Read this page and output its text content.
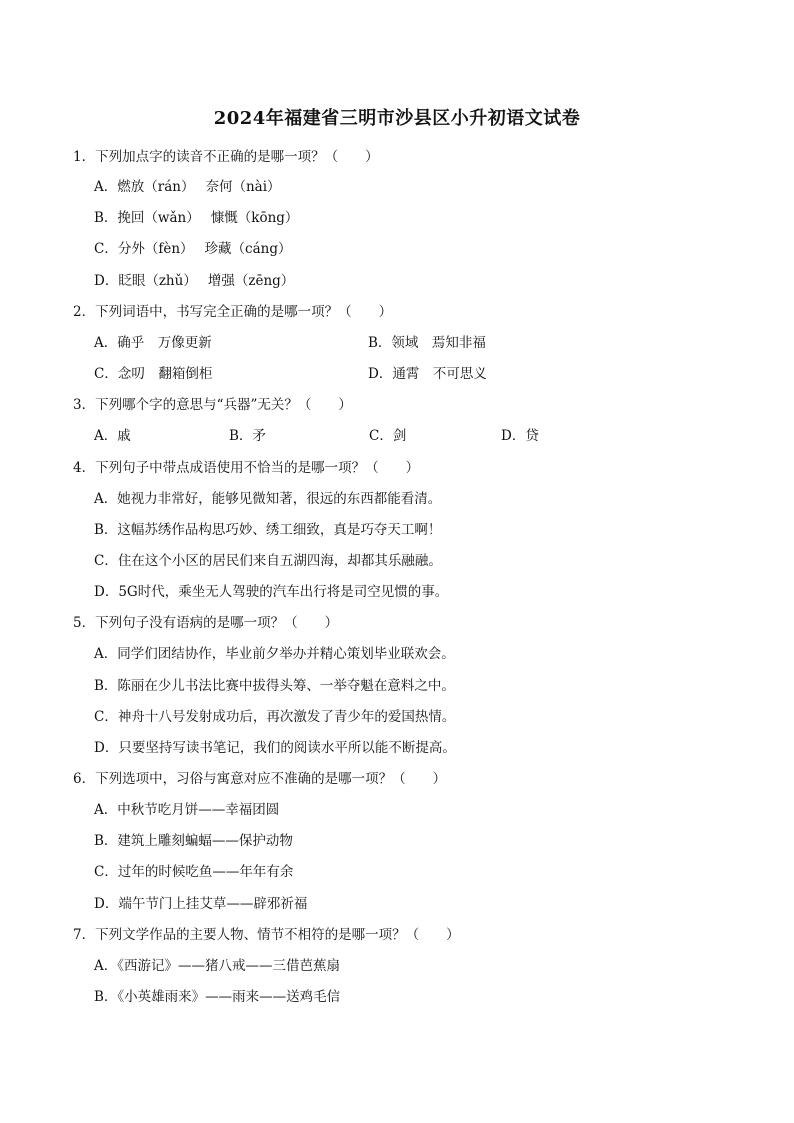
2024年福建省三明市沙县区小升初语文试卷
1．下列加点字的读音不正确的是哪一项？（　　）
A．燃放（rán）　 奈何（nài）
B．挽回（wǎn）　 慷慨（kōng）
C．分外（fèn）　 珍藏（cáng）
D．眨眼（zhǔ）　 增强（zēng）
2．下列词语中，书写完全正确的是哪一项？（　　）
A．确乎　万像更新	B．领域　焉知非福
C．念叨　翻箱倒柜	D．通霄　不可思义
3．下列哪个字的意思与“兵器”无关？（　　）
A．戚	B．矛	C．剑	D．贷
4．下列句子中带点成语使用不恰当的是哪一项？（　　）
A．她视力非常好，能够见微知著，很远的东西都能看清。
B．这幅苏绣作品构思巧妙、绣工细致，真是巧夺天工啊！
C．住在这个小区的居民们来自五湖四海，却都其乐融融。
D．5G时代，乘坐无人驾驶的汽车出行将是司空见惯的事。
5．下列句子没有语病的是哪一项？（　　）
A．同学们团结协作，毕业前夕举办并精心策划毕业联欢会。
B．陈丽在少儿书法比赛中拔得头筹、一举夺魁在意料之中。
C．神舟十八号发射成功后，再次激发了青少年的爱国热情。
D．只要坚持写读书笔记，我们的阅读水平所以能不断提高。
6．下列选项中，习俗与寓意对应不准确的是哪一项？（　　）
A．中秋节吃月饼——幸福团圆
B．建筑上雕刻蝙蝠——保护动物
C．过年的时候吃鱼——年年有余
D．端午节门上挂艾草——辟邪祈福
7．下列文学作品的主要人物、情节不相符的是哪一项？（　　）
A．《西游记》——猪八戒——三借芭蕉扇
B．《小英雄雨来》——雨来——送鸡毛信
